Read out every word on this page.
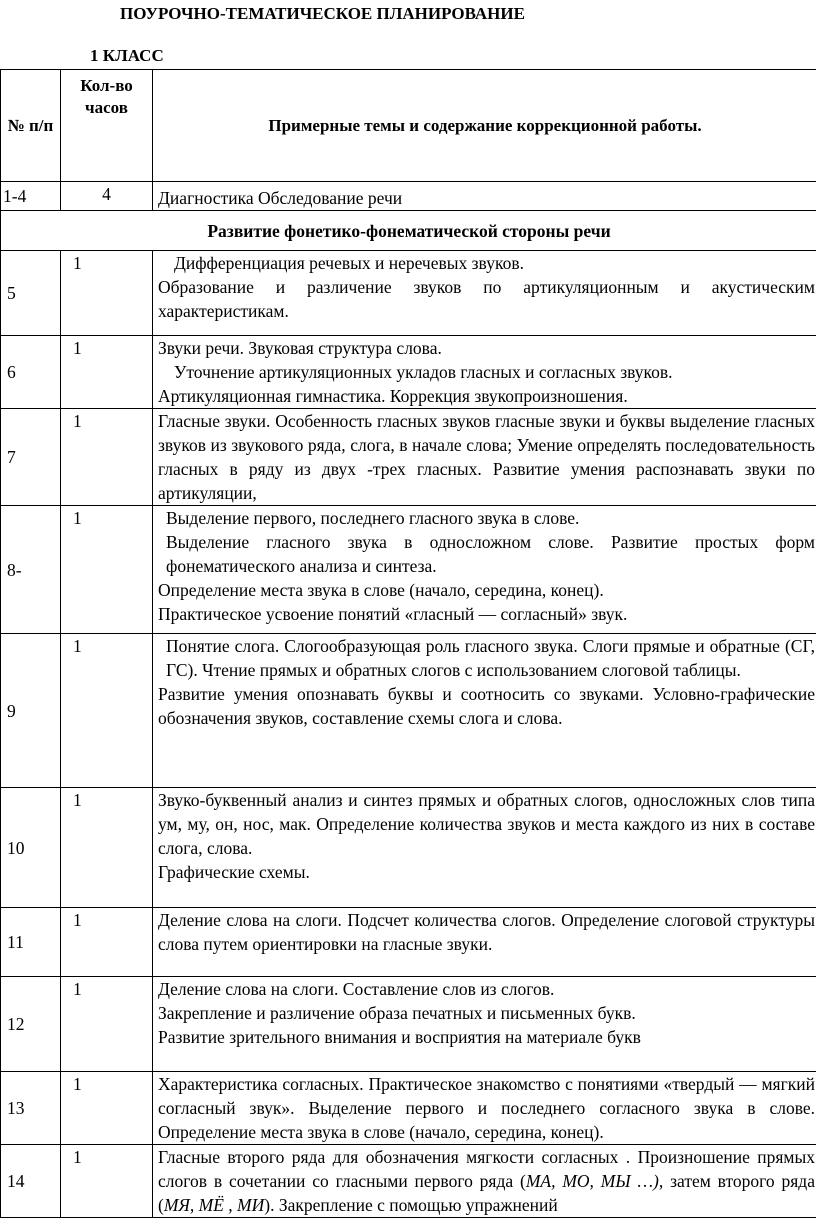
ПОУРОЧНО-ТЕМАТИЧЕСКОЕ ПЛАНИРОВАНИЕ
1 КЛАСС
№ п/п	Кол-во часов	Примерные темы и содержание коррекционной работы.
1-4	4	Диагностика Обследование речи
Развитие фонетико-фонематической стороны речи		
5	1	Дифференциация речевых и неречевых звуков.
Образование и различение звуков по артикуляционным и акустическим характеристикам.

6	1	Звуки речи. Звуковая структура слова.
Уточнение артикуляционных укладов гласных и согласных звуков.
Артикуляционная гимнастика. Коррекция звукопроизношения.

7	1	Гласные звуки. Особенность гласных звуков гласные звуки и буквы выделение гласных звуков из звукового ряда, слога, в начале слова; Умение определять последовательность гласных в ряду из двух -трех гласных. Развитие умения распознавать звуки по артикуляции,

8-	1	Выделение первого, последнего гласного звука в слове.
Выделение гласного звука в односложном слове. Развитие простых форм фонематического анализа и синтеза.
Определение места звука в слове (начало, середина, конец).
Практическое усвоение понятий «гласный — согласный» звук.

9	1	Понятие слога. Слогообразующая роль гласного звука. Слоги прямые и обратные (СГ, ГС). Чтение прямых и обратных слогов с использованием слоговой таблицы.
Развитие умения опознавать буквы и соотносить со звуками. Условно-графические обозначения звуков, составление схемы слога и слова.

10	1	Звуко-буквенный анализ и синтез прямых и обратных слогов, односложных слов типа ум, му, он, нос, мак. Определение количества звуков и места каждого из них в составе слога, слова.
Графические схемы.

11	1	Деление слова на слоги. Подсчет количества слогов. Определение слоговой структуры слова путем ориентировки на гласные звуки.

12	1	Деление слова на слоги. Составление слов из слогов.
Закрепление и различение образа печатных и письменных букв.
Развитие зрительного внимания и восприятия на материале букв

13	1	Характеристика согласных. Практическое знакомство с понятиями «твердый — мягкий согласный звук». Выделение первого и последнего согласного звука в слове. Определение места звука в слове (начало, середина, конец).

14	1	Гласные второго ряда для обозначения мягкости согласных . Произношение прямых слогов в сочетании со гласными первого ряда (МА, МО, МЫ …), затем второго ряда (МЯ, МЁ , МИ). Закрепление с помощью упражнений
